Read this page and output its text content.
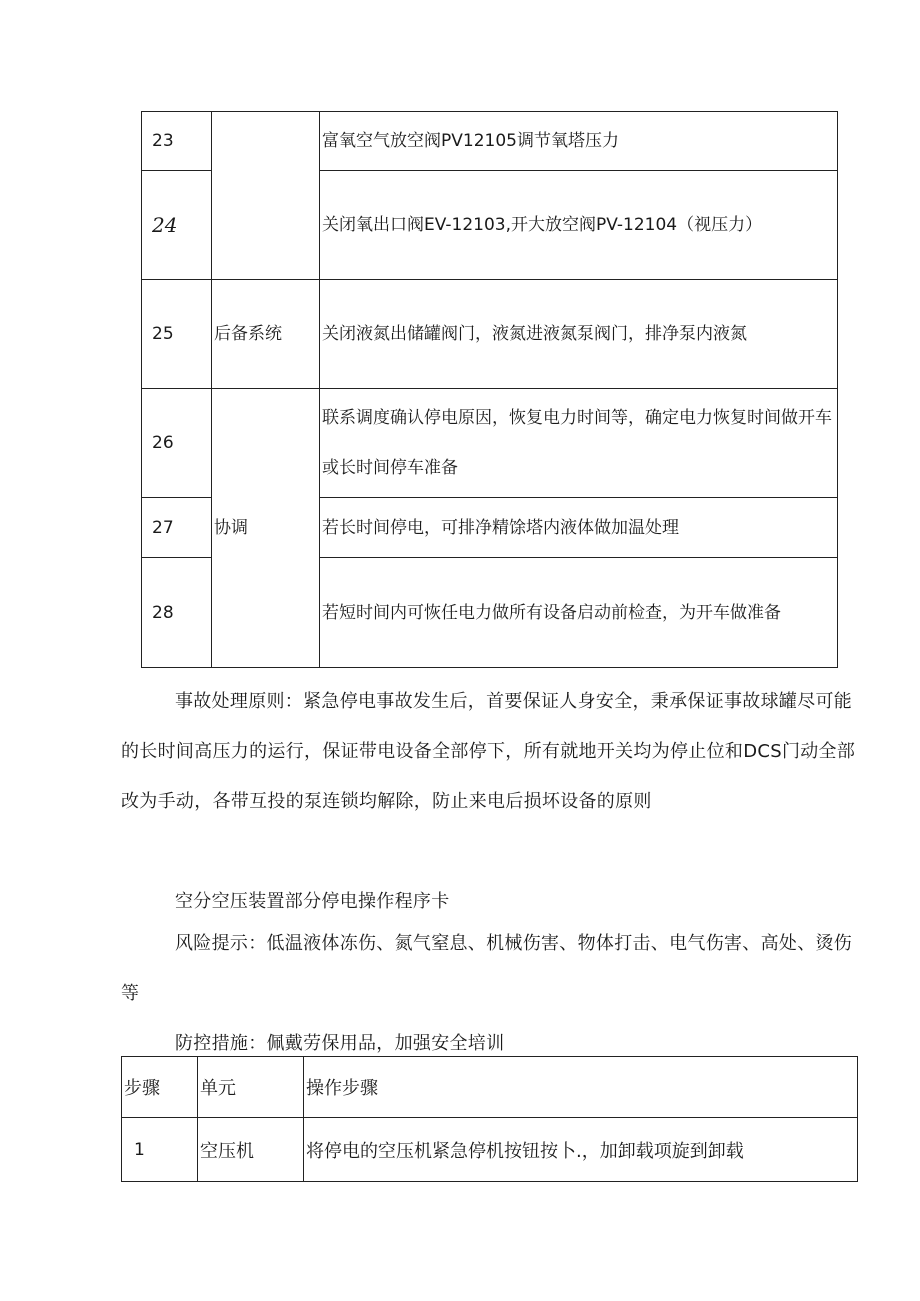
23		富氧空气放空阀PV12105调节氧塔压力
24		关闭氧出口阀EV-12103,开大放空阀PV-12104（视压力）
25	后备系统	关闭液氮出储罐阀门，液氮进液氮泵阀门，排净泵内液氮
26	协调	联系调度确认停电原因，恢复电力时间等，确定电力恢复时间做开车或长时间停车准备
27		若长时间停电，可排净精馀塔内液体做加温处理
28		若短时间内可恢任电力做所有设备启动前检查，为开车做准备
事故处理原则：紧急停电事故发生后，首要保证人身安全，秉承保证事故球罐尽可能的长时间高压力的运行，保证带电设备全部停下，所有就地开关均为停止位和DCS门动全部改为手动，各带互投的泵连锁均解除，防止来电后损坏设备的原则
空分空压装置部分停电操作程序卡
风险提示：低温液体冻伤、氮气窒息、机械伤害、物体打击、电气伤害、高处、烫伤等
防控措施：佩戴劳保用品，加强安全培训
步骤	单元	操作步骤
1	空压机	将停电的空压机紧急停机按钮按卜.，加卸载项旋到卸载
